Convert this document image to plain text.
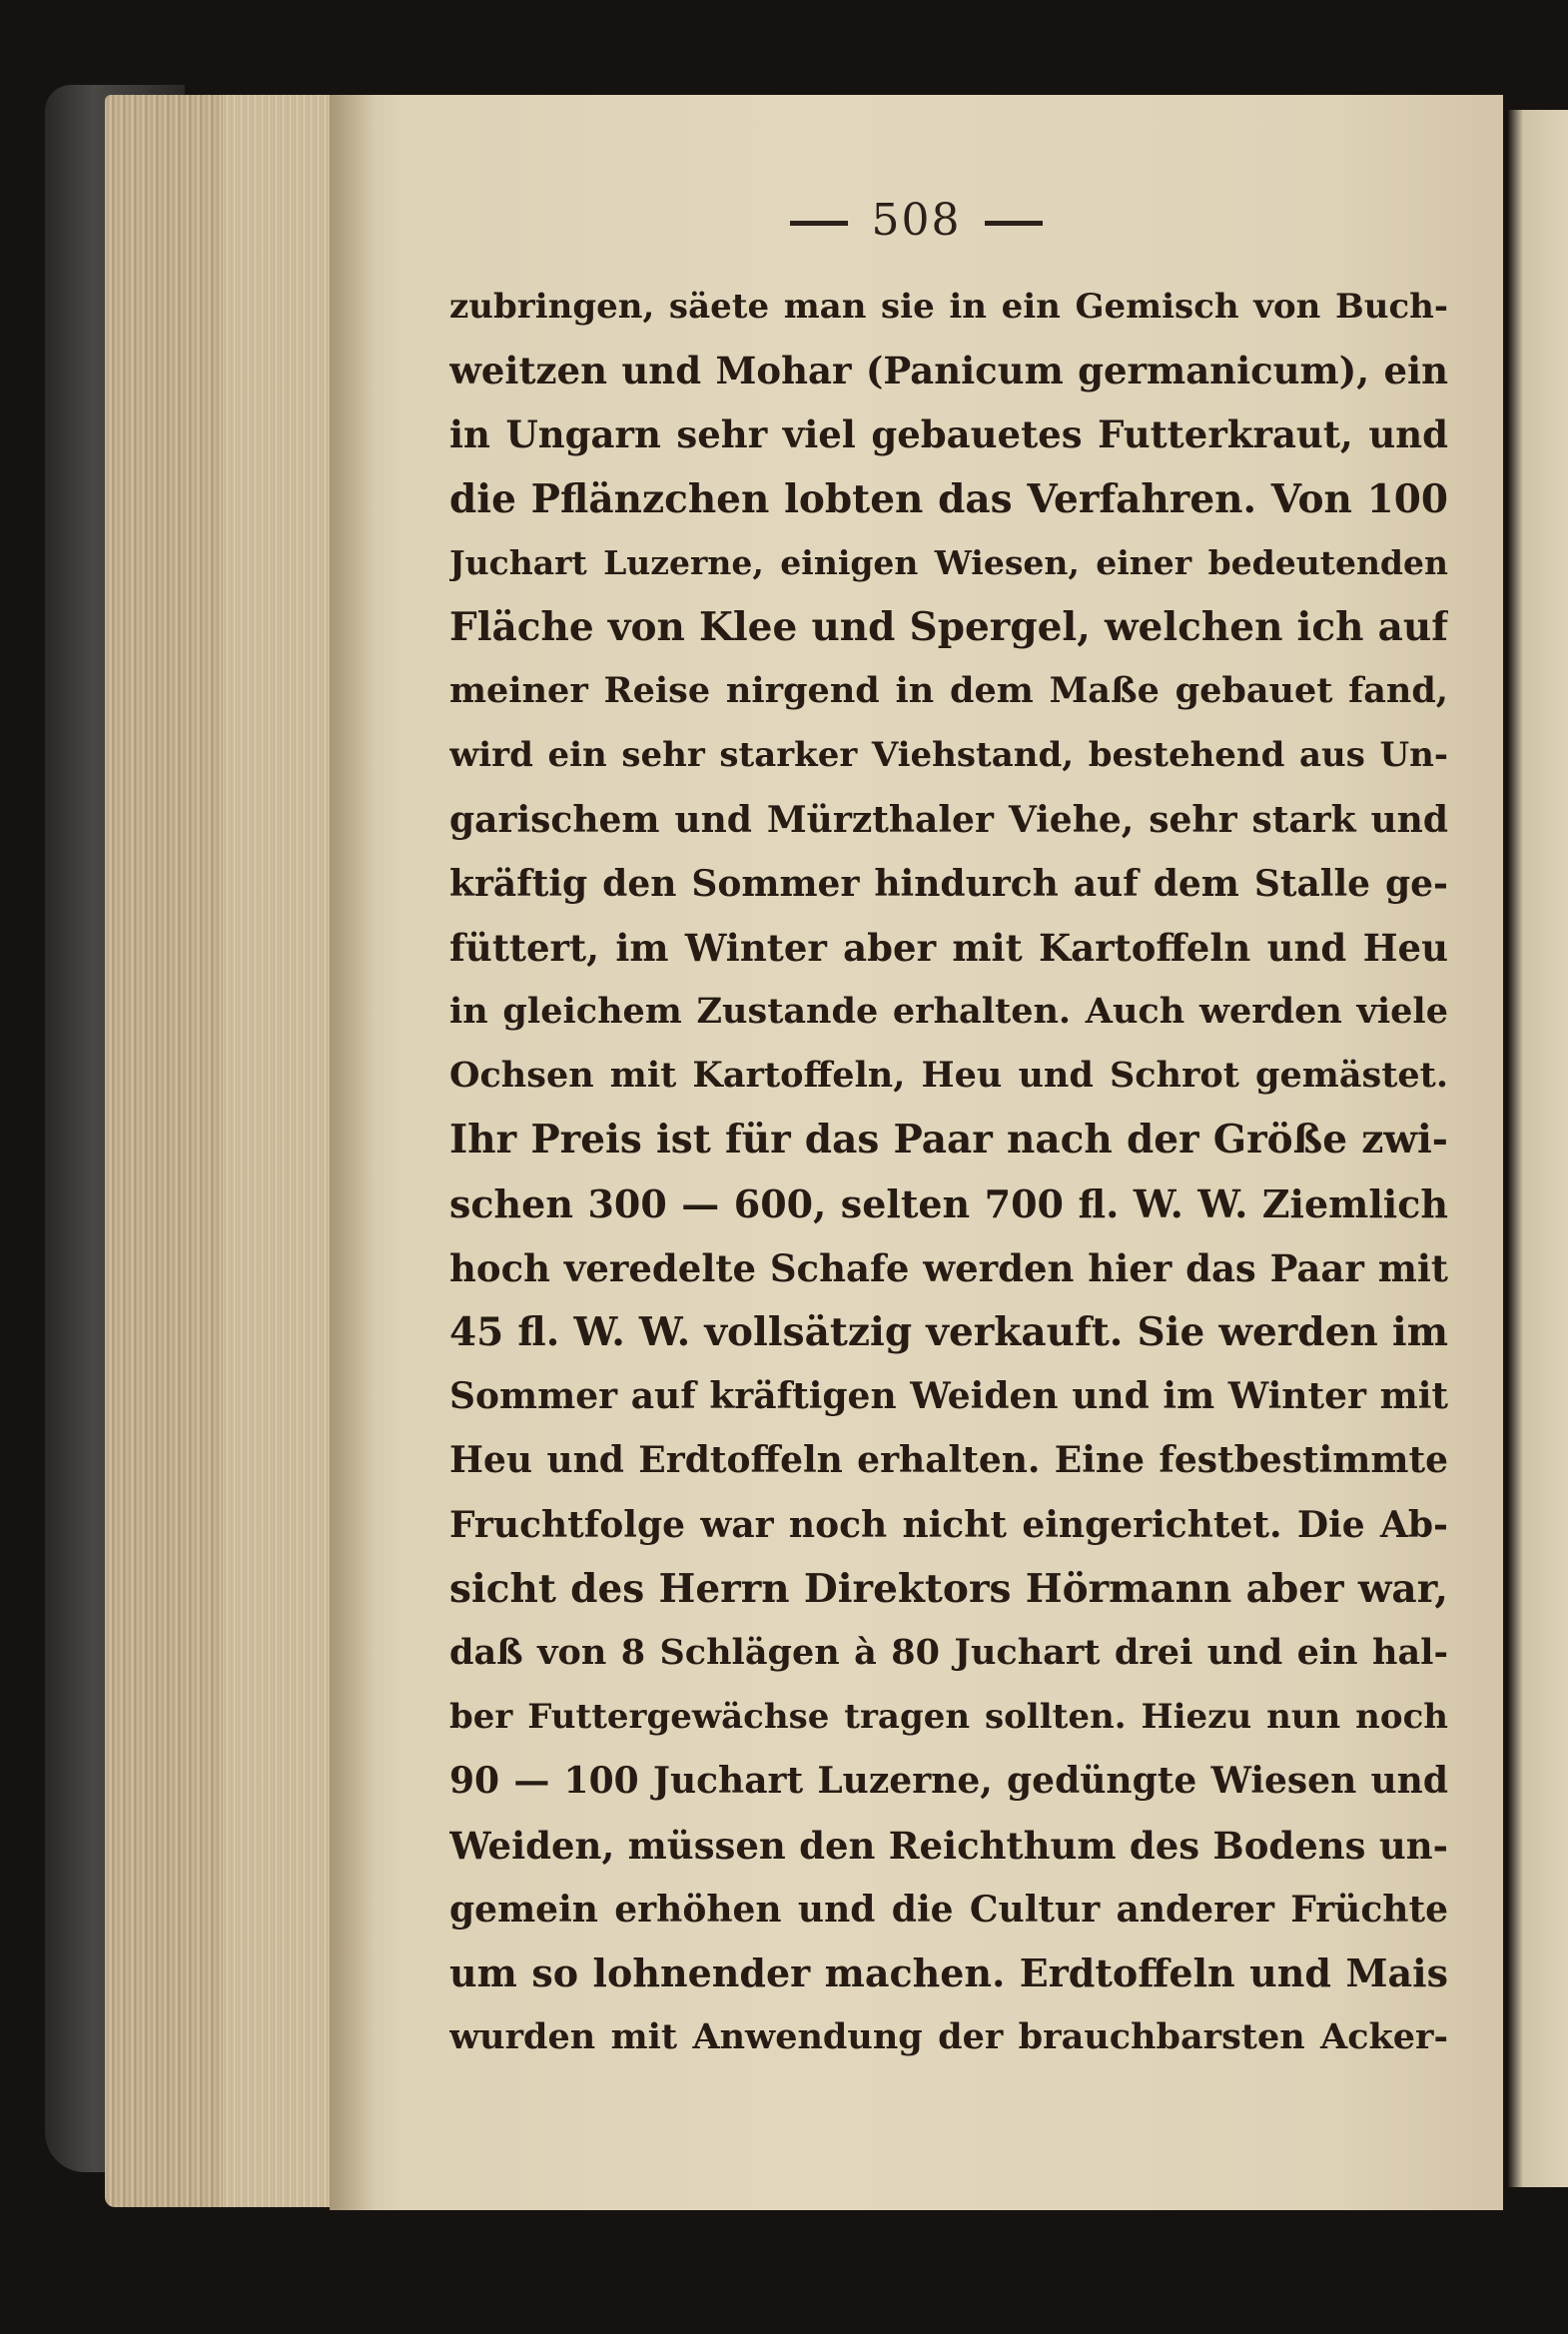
508
zubringen, säete man sie in ein Gemisch von Buch-
weitzen und Mohar (Panicum germanicum), ein
in Ungarn sehr viel gebauetes Futterkraut, und
die Pflänzchen lobten das Verfahren. Von 100
Juchart Luzerne, einigen Wiesen, einer bedeutenden
Fläche von Klee und Spergel, welchen ich auf
meiner Reise nirgend in dem Maße gebauet fand,
wird ein sehr starker Viehstand, bestehend aus Un-
garischem und Mürzthaler Viehe, sehr stark und
kräftig den Sommer hindurch auf dem Stalle ge-
füttert, im Winter aber mit Kartoffeln und Heu
in gleichem Zustande erhalten. Auch werden viele
Ochsen mit Kartoffeln, Heu und Schrot gemästet.
Ihr Preis ist für das Paar nach der Größe zwi-
schen 300 — 600, selten 700 fl. W. W. Ziemlich
hoch veredelte Schafe werden hier das Paar mit
45 fl. W. W. vollsätzig verkauft. Sie werden im
Sommer auf kräftigen Weiden und im Winter mit
Heu und Erdtoffeln erhalten. Eine festbestimmte
Fruchtfolge war noch nicht eingerichtet. Die Ab-
sicht des Herrn Direktors Hörmann aber war,
daß von 8 Schlägen à 80 Juchart drei und ein hal-
ber Futtergewächse tragen sollten. Hiezu nun noch
90 — 100 Juchart Luzerne, gedüngte Wiesen und
Weiden, müssen den Reichthum des Bodens un-
gemein erhöhen und die Cultur anderer Früchte
um so lohnender machen. Erdtoffeln und Mais
wurden mit Anwendung der brauchbarsten Acker-
